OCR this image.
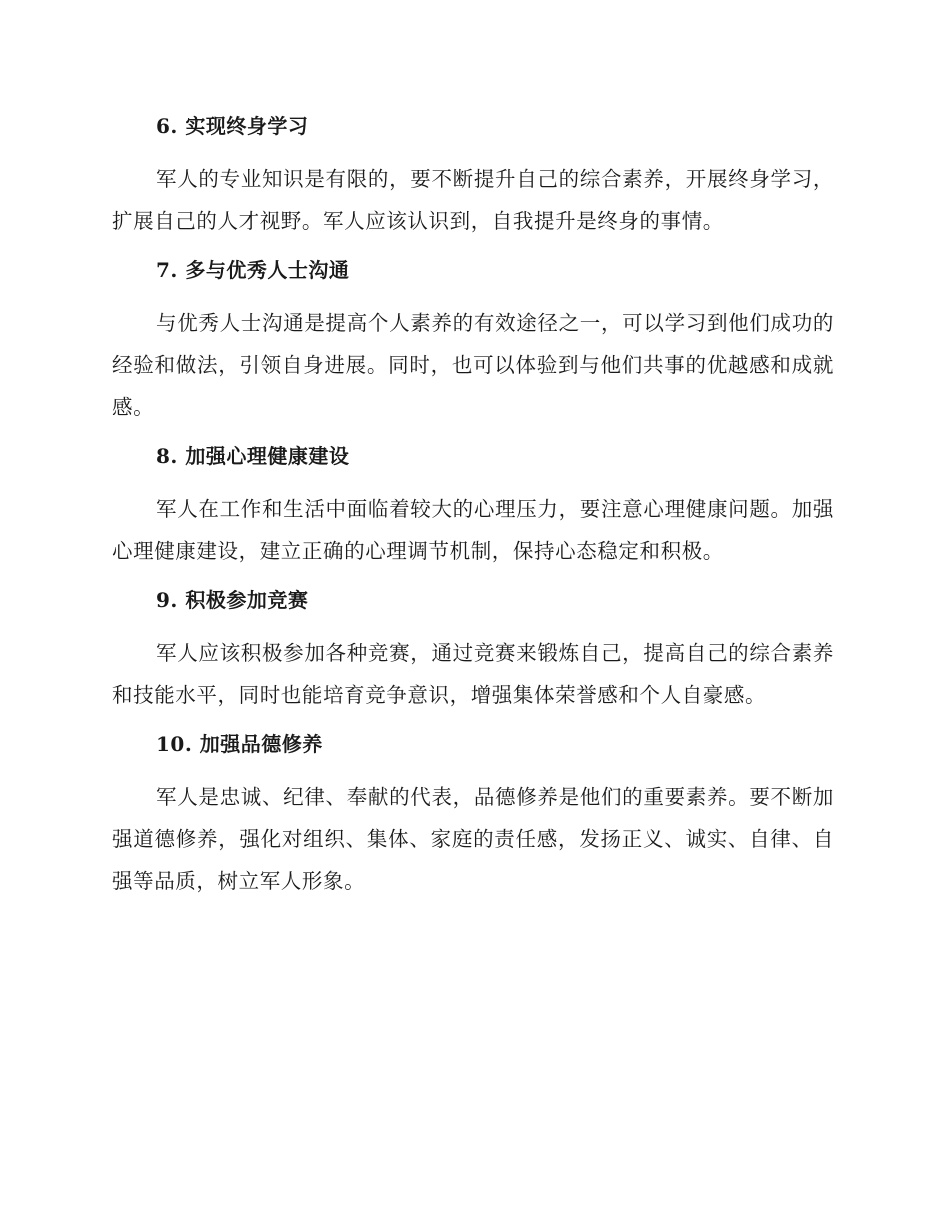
6. 实现终身学习

军人的专业知识是有限的，要不断提升自己的综合素养，开展终身学习，扩展自己的人才视野。军人应该认识到，自我提升是终身的事情。

7. 多与优秀人士沟通

与优秀人士沟通是提高个人素养的有效途径之一，可以学习到他们成功的经验和做法，引领自身进展。同时，也可以体验到与他们共事的优越感和成就感。

8. 加强心理健康建设

军人在工作和生活中面临着较大的心理压力，要注意心理健康问题。加强心理健康建设，建立正确的心理调节机制，保持心态稳定和积极。

9. 积极参加竞赛

军人应该积极参加各种竞赛，通过竞赛来锻炼自己，提高自己的综合素养和技能水平，同时也能培育竞争意识，增强集体荣誉感和个人自豪感。

10. 加强品德修养

军人是忠诚、纪律、奉献的代表，品德修养是他们的重要素养。要不断加强道德修养，强化对组织、集体、家庭的责任感，发扬正义、诚实、自律、自强等品质，树立军人形象。
